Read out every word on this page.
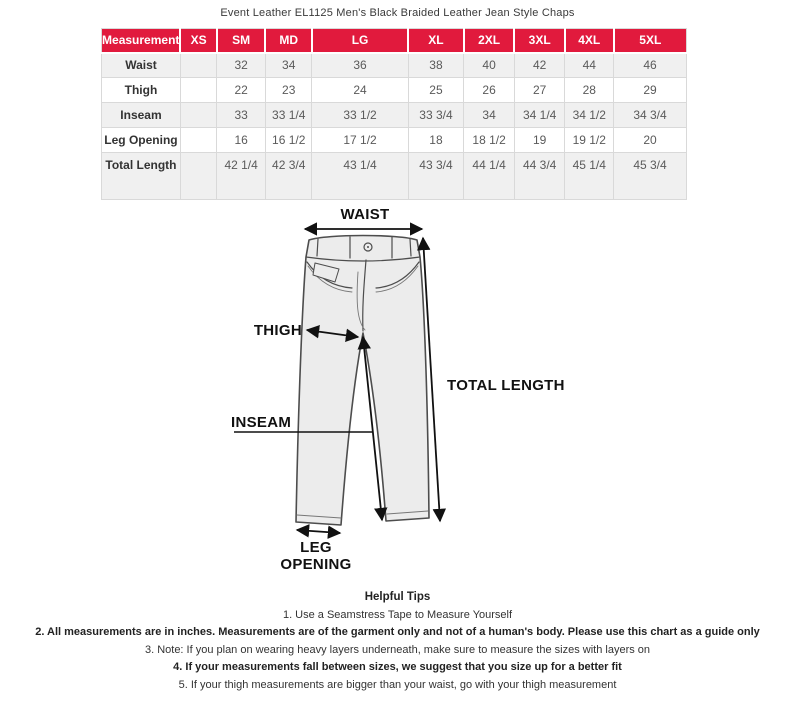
Event Leather EL1125 Men's Black Braided Leather Jean Style Chaps
Measurement	XS	SM	MD	LG	XL	2XL	3XL	4XL	5XL
Waist		32	34	36	38	40	42	44	46
Thigh		22	23	24	25	26	27	28	29
Inseam		33	33 1/4	33 1/2	33 3/4	34	34 1/4	34 1/2	34 3/4
Leg Opening		16	16 1/2	17 1/2	18	18 1/2	19	19 1/2	20
Total Length		42 1/4	42 3/4	43 1/4	43 3/4	44 1/4	44 3/4	45 1/4	45 3/4
WAIST
THIGH
TOTAL LENGTH
INSEAM
LEG OPENING
Helpful Tips
1. Use a Seamstress Tape to Measure Yourself
2. All measurements are in inches. Measurements are of the garment only and not of a human's body. Please use this chart as a guide only
3. Note: If you plan on wearing heavy layers underneath, make sure to measure the sizes with layers on
4. If your measurements fall between sizes, we suggest that you size up for a better fit
5. If your thigh measurements are bigger than your waist, go with your thigh measurement
